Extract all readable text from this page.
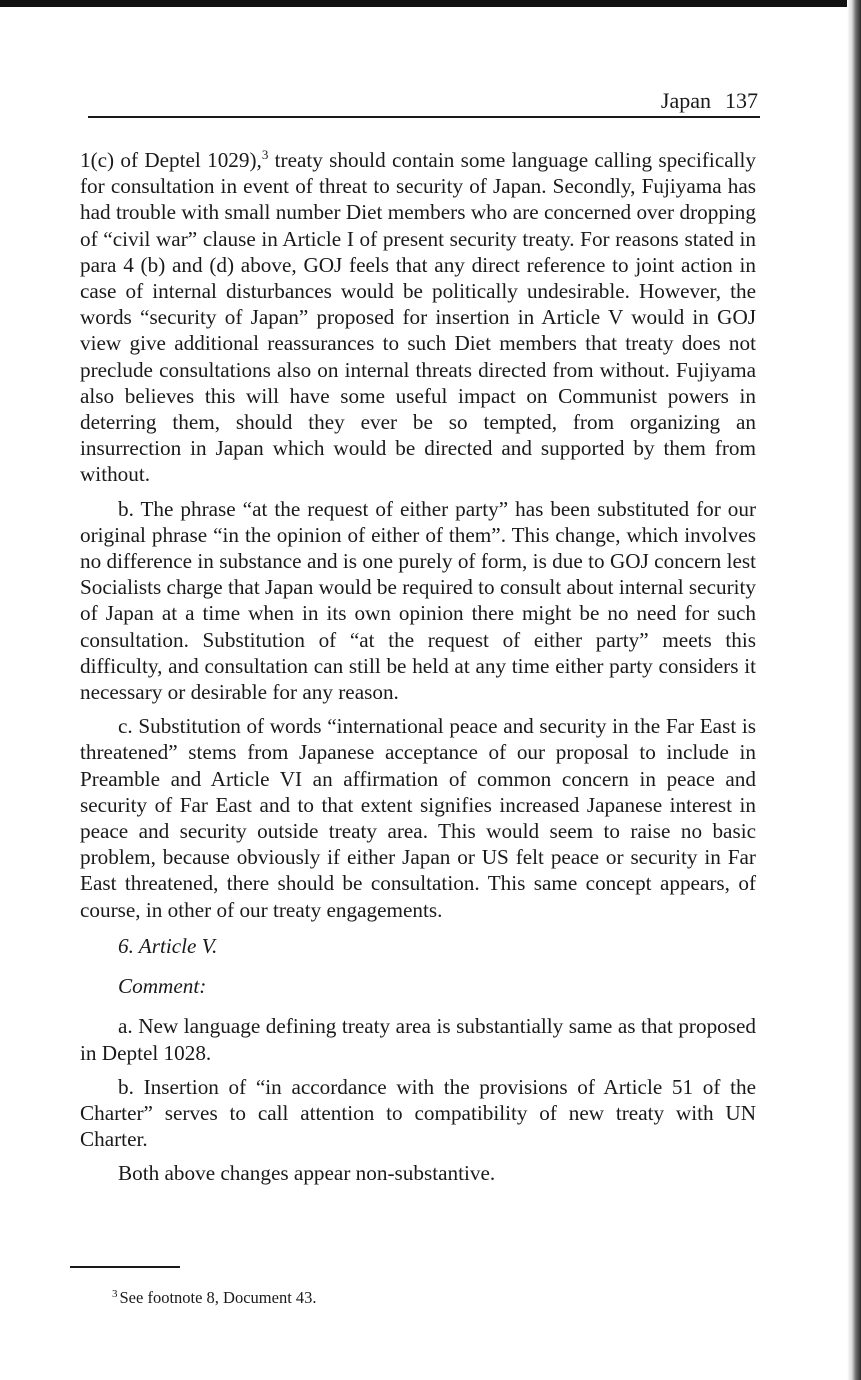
Japan 137

1(c) of Deptel 1029),$^3$ treaty should contain some language calling specifically for consultation in event of threat to security of Japan. Secondly, Fujiyama has had trouble with small number Diet members who are concerned over dropping of “civil war” clause in Article I of present security treaty. For reasons stated in para 4 (b) and (d) above, GOJ feels that any direct reference to joint action in case of internal disturbances would be politically undesirable. However, the words “security of Japan” proposed for insertion in Article V would in GOJ view give additional reassurances to such Diet members that treaty does not preclude consultations also on internal threats directed from without. Fujiyama also believes this will have some useful impact on Communist powers in deterring them, should they ever be so tempted, from organizing an insurrection in Japan which would be directed and supported by them from without.

b. The phrase “at the request of either party” has been substituted for our original phrase “in the opinion of either of them”. This change, which involves no difference in substance and is one purely of form, is due to GOJ concern lest Socialists charge that Japan would be required to consult about internal security of Japan at a time when in its own opinion there might be no need for such consultation. Substitution of “at the request of either party” meets this difficulty, and consultation can still be held at any time either party considers it necessary or desirable for any reason.

c. Substitution of words “international peace and security in the Far East is threatened” stems from Japanese acceptance of our proposal to include in Preamble and Article VI an affirmation of common concern in peace and security of Far East and to that extent signifies increased Japanese interest in peace and security outside treaty area. This would seem to raise no basic problem, because obviously if either Japan or US felt peace or security in Far East threatened, there should be consultation. This same concept appears, of course, in other of our treaty engagements.

6. Article V.

Comment:

a. New language defining treaty area is substantially same as that proposed in Deptel 1028.

b. Insertion of “in accordance with the provisions of Article 51 of the Charter” serves to call attention to compatibility of new treaty with UN Charter.

Both above changes appear non-substantive.

$^3$ See footnote 8, Document 43.
